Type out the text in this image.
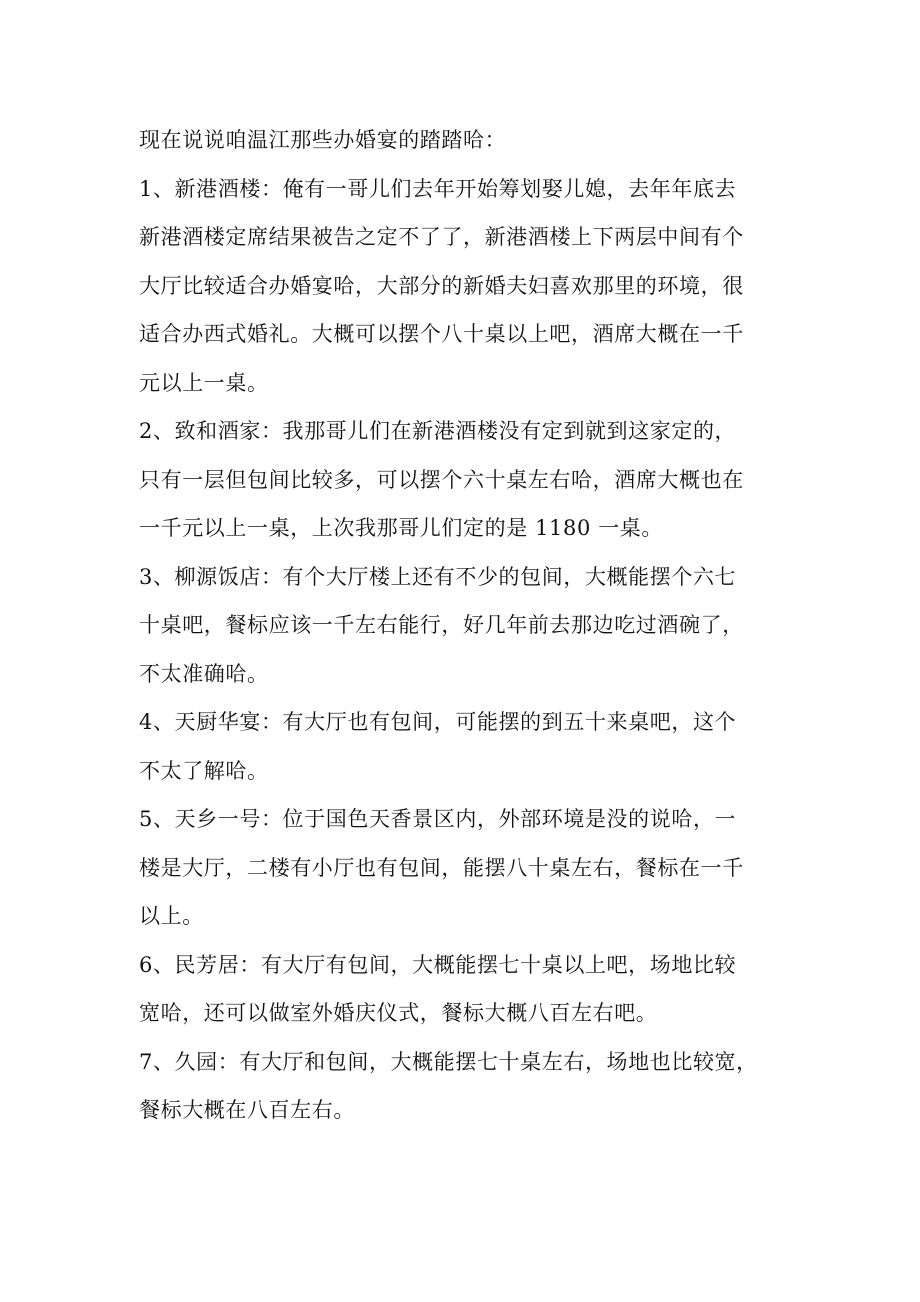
现在说说咱温江那些办婚宴的踏踏哈：
1、新港酒楼：俺有一哥儿们去年开始筹划娶儿媳，去年年底去
新港酒楼定席结果被告之定不了了，新港酒楼上下两层中间有个
大厅比较适合办婚宴哈，大部分的新婚夫妇喜欢那里的环境，很
适合办西式婚礼。大概可以摆个八十桌以上吧，酒席大概在一千
元以上一桌。
2、致和酒家：我那哥儿们在新港酒楼没有定到就到这家定的，
只有一层但包间比较多，可以摆个六十桌左右哈，酒席大概也在
一千元以上一桌，上次我那哥儿们定的是 1180 一桌。
3、柳源饭店：有个大厅楼上还有不少的包间，大概能摆个六七
十桌吧，餐标应该一千左右能行，好几年前去那边吃过酒碗了，
不太准确哈。
4、天厨华宴：有大厅也有包间，可能摆的到五十来桌吧，这个
不太了解哈。
5、天乡一号：位于国色天香景区内，外部环境是没的说哈，一
楼是大厅，二楼有小厅也有包间，能摆八十桌左右，餐标在一千
以上。
6、民芳居：有大厅有包间，大概能摆七十桌以上吧，场地比较
宽哈，还可以做室外婚庆仪式，餐标大概八百左右吧。
7、久园：有大厅和包间，大概能摆七十桌左右，场地也比较宽，
餐标大概在八百左右。
